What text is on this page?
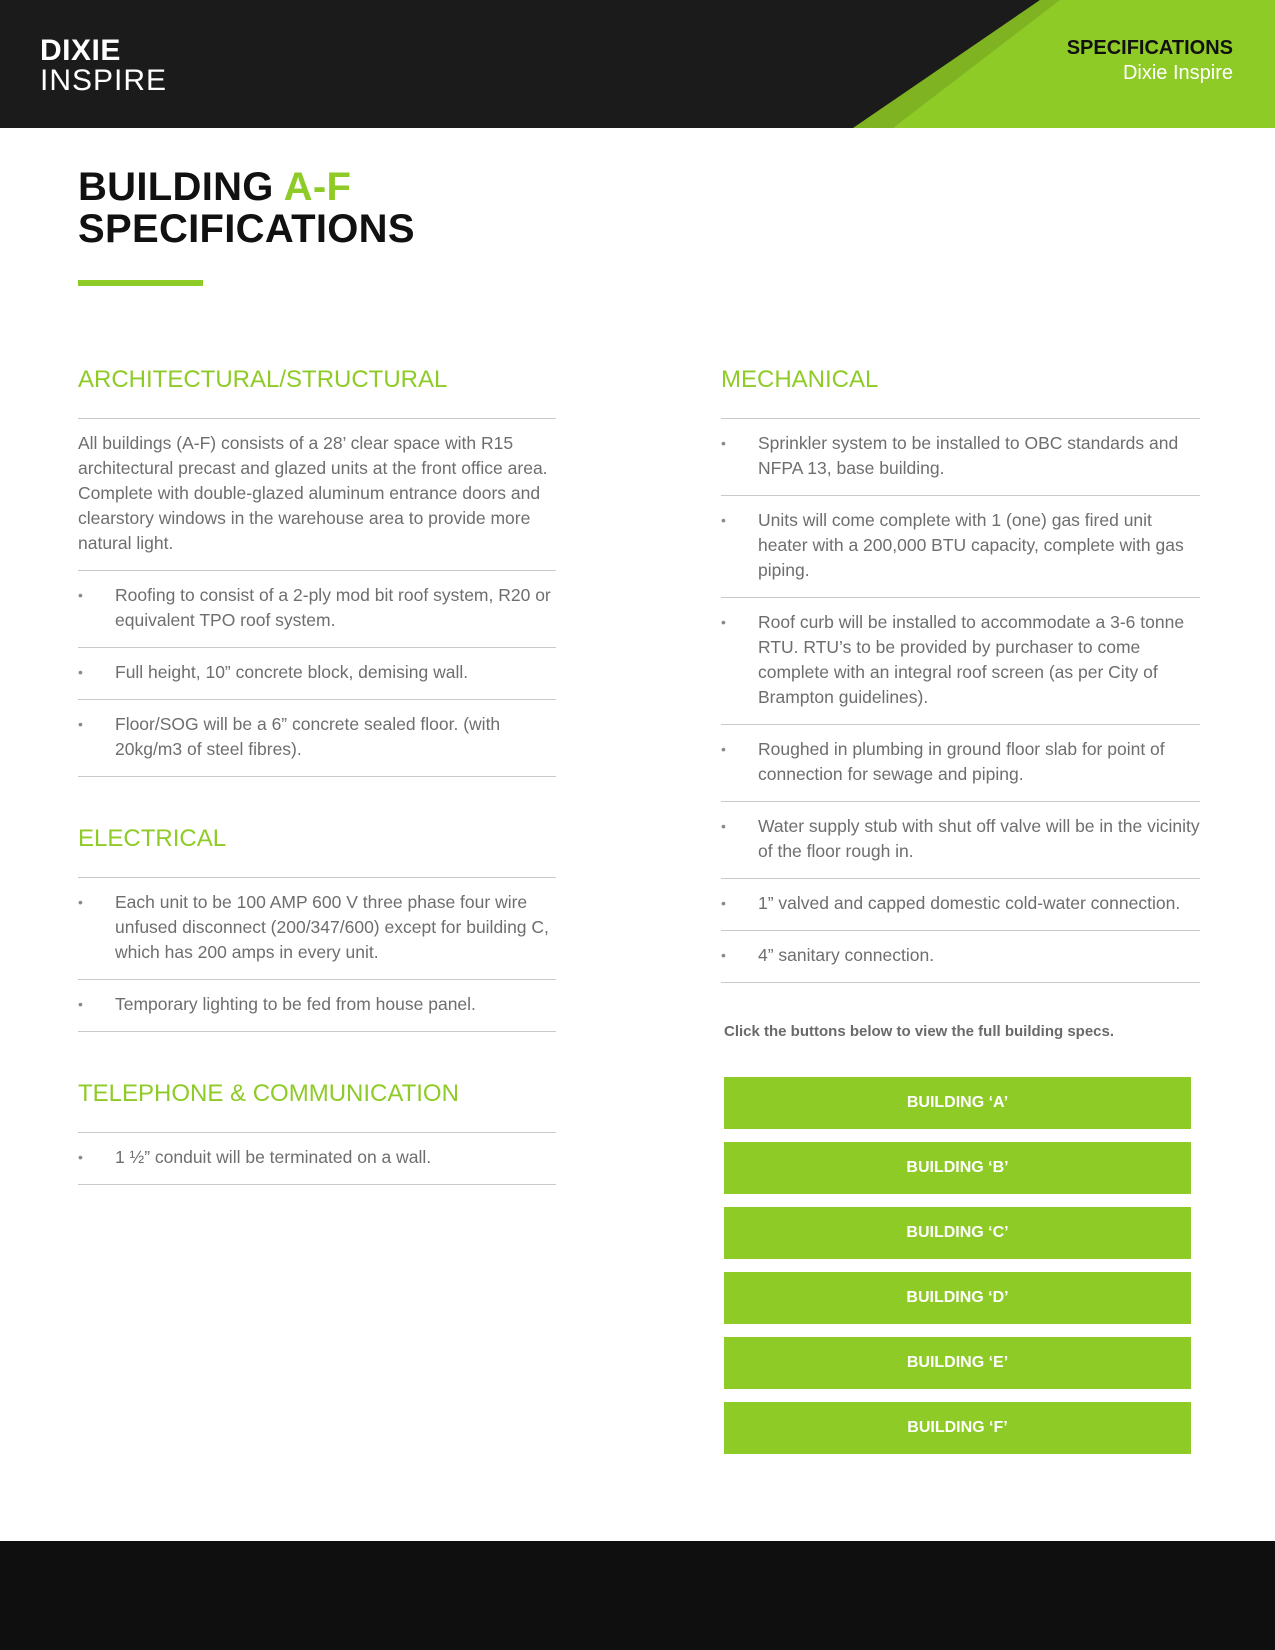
DIXIE
INSPIRE
SPECIFICATIONS
Dixie Inspire
BUILDING A-F
SPECIFICATIONS
ARCHITECTURAL/STRUCTURAL

All buildings (A-F) consists of a 28’ clear space with R15 architectural precast and glazed units at the front office area. Complete with double-glazed aluminum entrance doors and clearstory windows in the warehouse area to provide more natural light.

• Roofing to consist of a 2-ply mod bit roof system, R20 or equivalent TPO roof system.
• Full height, 10” concrete block, demising wall.
• Floor/SOG will be a 6” concrete sealed floor. (with 20kg/m3 of steel fibres).
ELECTRICAL
• Each unit to be 100 AMP 600 V three phase four wire unfused disconnect (200/347/600) except for building C, which has 200 amps in every unit.
• Temporary lighting to be fed from house panel.
TELEPHONE & COMMUNICATION
• 1 ½” conduit will be terminated on a wall.
MECHANICAL
• Sprinkler system to be installed to OBC standards and NFPA 13, base building.
• Units will come complete with 1 (one) gas fired unit heater with a 200,000 BTU capacity, complete with gas piping.
• Roof curb will be installed to accommodate a 3-6 tonne RTU. RTU’s to be provided by purchaser to come complete with an integral roof screen (as per City of Brampton guidelines).
• Roughed in plumbing in ground floor slab for point of connection for sewage and piping.
• Water supply stub with shut off valve will be in the vicinity of the floor rough in.
• 1” valved and capped domestic cold-water connection.
• 4” sanitary connection.

Click the buttons below to view the full building specs.

BUILDING ‘A’
BUILDING ‘B’
BUILDING ‘C’
BUILDING ‘D’
BUILDING ‘E’
BUILDING ‘F’
